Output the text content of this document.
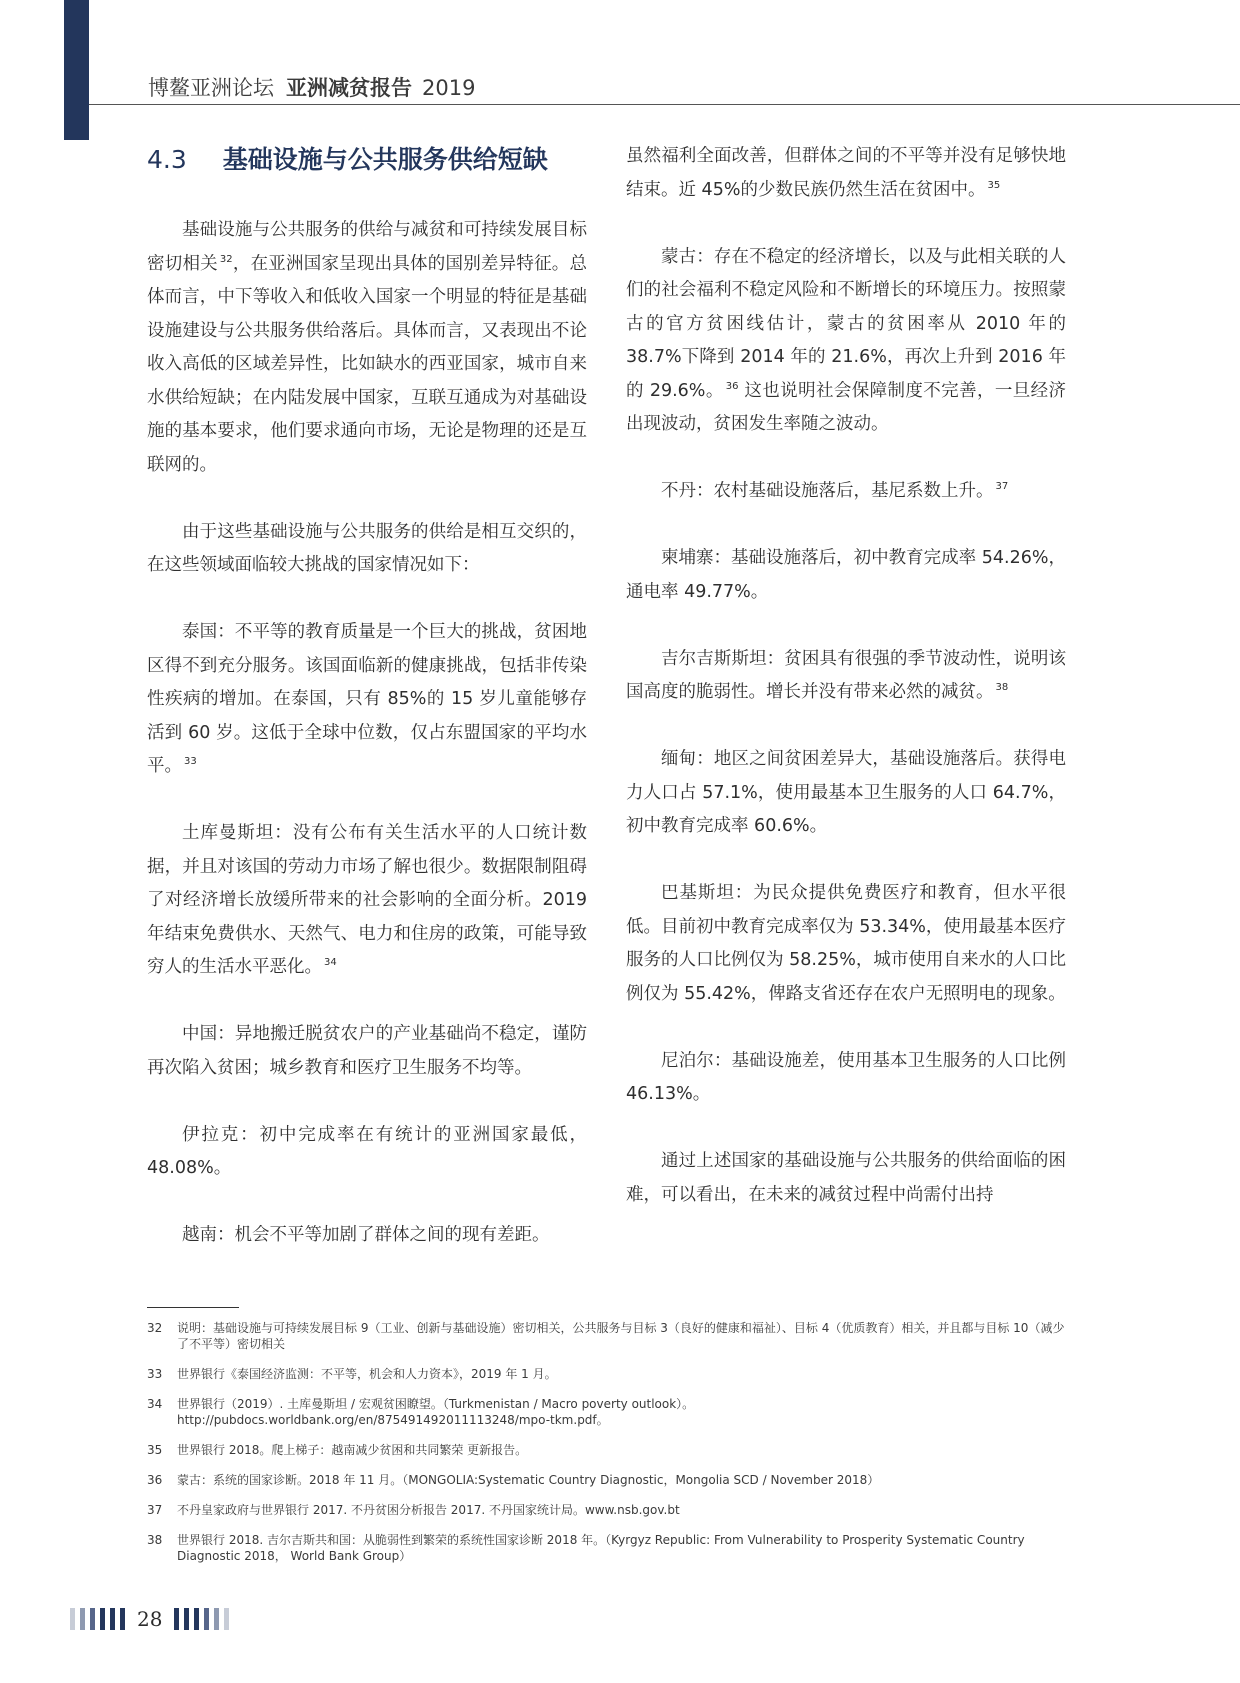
博鳌亚洲论坛 亚洲减贫报告 2019
4.3 基础设施与公共服务供给短缺

基础设施与公共服务的供给与减贫和可持续发展目标密切相关 $^{32}$，在亚洲国家呈现出具体的国别差异特征。总体而言，中下等收入和低收入国家一个明显的特征是基础设施建设与公共服务供给落后。具体而言，又表现出不论收入高低的区域差异性，比如缺水的西亚国家，城市自来水供给短缺；在内陆发展中国家，互联互通成为对基础设施的基本要求，他们要求通向市场，无论是物理的还是互联网的。

由于这些基础设施与公共服务的供给是相互交织的，在这些领域面临较大挑战的国家情况如下：

泰国：不平等的教育质量是一个巨大的挑战，贫困地区得不到充分服务。该国面临新的健康挑战，包括非传染性疾病的增加。在泰国，只有 85%的 15 岁儿童能够存活到 60 岁。这低于全球中位数，仅占东盟国家的平均水平。 $^{33}$

土库曼斯坦：没有公布有关生活水平的人口统计数据，并且对该国的劳动力市场了解也很少。数据限制阻碍了对经济增长放缓所带来的社会影响的全面分析。2019 年结束免费供水、天然气、电力和住房的政策，可能导致穷人的生活水平恶化。 $^{34}$

中国：异地搬迁脱贫农户的产业基础尚不稳定，谨防再次陷入贫困；城乡教育和医疗卫生服务不均等。

伊拉克：初中完成率在有统计的亚洲国家最低，48.08%。

越南：机会不平等加剧了群体之间的现有差距。

虽然福利全面改善，但群体之间的不平等并没有足够快地结束。近 45%的少数民族仍然生活在贫困中。 $^{35}$

蒙古：存在不稳定的经济增长，以及与此相关联的人们的社会福利不稳定风险和不断增长的环境压力。按照蒙古的官方贫困线估计，蒙古的贫困率从 2010 年的 38.7%下降到 2014 年的 21.6%，再次上升到 2016 年的 29.6%。 $^{36}$ 这也说明社会保障制度不完善，一旦经济出现波动，贫困发生率随之波动。

不丹：农村基础设施落后，基尼系数上升。 $^{37}$

柬埔寨：基础设施落后，初中教育完成率 54.26%，通电率 49.77%。

吉尔吉斯斯坦：贫困具有很强的季节波动性，说明该国高度的脆弱性。增长并没有带来必然的减贫。 $^{38}$

缅甸：地区之间贫困差异大，基础设施落后。获得电力人口占 57.1%，使用最基本卫生服务的人口 64.7%，初中教育完成率 60.6%。

巴基斯坦：为民众提供免费医疗和教育，但水平很低。目前初中教育完成率仅为 53.34%，使用最基本医疗服务的人口比例仅为 58.25%，城市使用自来水的人口比例仅为 55.42%，俾路支省还存在农户无照明电的现象。

尼泊尔：基础设施差，使用基本卫生服务的人口比例 46.13%。

通过上述国家的基础设施与公共服务的供给面临的困难，可以看出，在未来的减贫过程中尚需付出持

32 说明：基础设施与可持续发展目标 9（工业、创新与基础设施）密切相关，公共服务与目标 3（良好的健康和福祉）、目标 4（优质教育）相关，并且都与目标 10（减少了不平等）密切相关
33 世界银行《泰国经济监测：不平等，机会和人力资本》，2019 年 1 月。
34 世界银行（2019）. 土库曼斯坦 / 宏观贫困瞭望。（Turkmenistan / Macro poverty outlook）。http://pubdocs.worldbank.org/en/875491492011113248/mpo-tkm.pdf。
35 世界银行 2018。爬上梯子：越南减少贫困和共同繁荣 更新报告。
36 蒙古：系统的国家诊断。2018 年 11 月。（MONGOLIA:Systematic Country Diagnostic，Mongolia SCD / November 2018）
37 不丹皇家政府与世界银行 2017. 不丹贫困分析报告 2017. 不丹国家统计局。www.nsb.gov.bt
38 世界银行 2018. 吉尔吉斯共和国：从脆弱性到繁荣的系统性国家诊断 2018 年。（Kyrgyz Republic: From Vulnerability to Prosperity Systematic Country Diagnostic 2018， World Bank Group）
28
